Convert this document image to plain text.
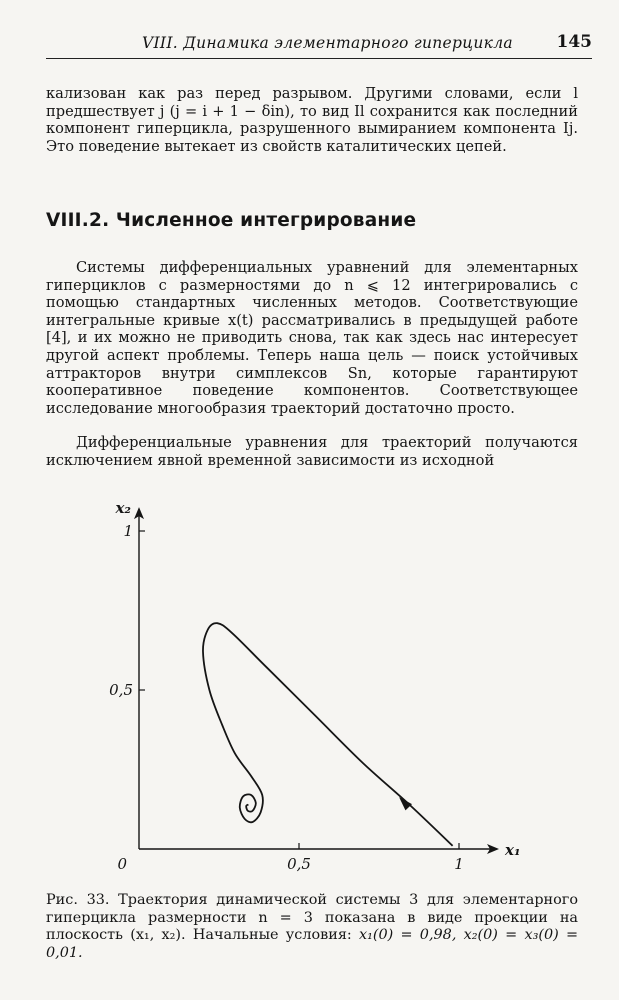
VIII. Динамика элементарного гиперцикла	145

кализован как раз перед разрывом. Другими словами, если l предшествует j (j = i + 1 − δin), то вид Il сохранится как последний компонент гиперцикла, разрушенного вымиранием компонента Ij. Это поведение вытекает из свойств каталитических цепей.

VIII.2. Численное интегрирование

Системы дифференциальных уравнений для элементарных гиперциклов с размерностями до n ⩽ 12 интегрировались с помощью стандартных численных методов. Соответствующие интегральные кривые x(t) рассматривались в предыдущей работе [4], и их можно не приводить снова, так как здесь нас интересует другой аспект проблемы. Теперь наша цель — поиск устойчивых аттракторов внутри симплексов Sn, которые гарантируют кооперативное поведение компонентов. Соответствующее исследование многообразия траекторий достаточно просто.

Дифференциальные уравнения для траекторий получаются исключением явной временной зависимости из исходной

0,5	1
0,5
1
0
x₁
x₂

Рис. 33. Траектория динамической системы 3 для элементарного гиперцикла размерности n = 3 показана в виде проекции на плоскость (x₁, x₂). Начальные условия: x₁(0) = 0,98, x₂(0) = x₃(0) = 0,01.
